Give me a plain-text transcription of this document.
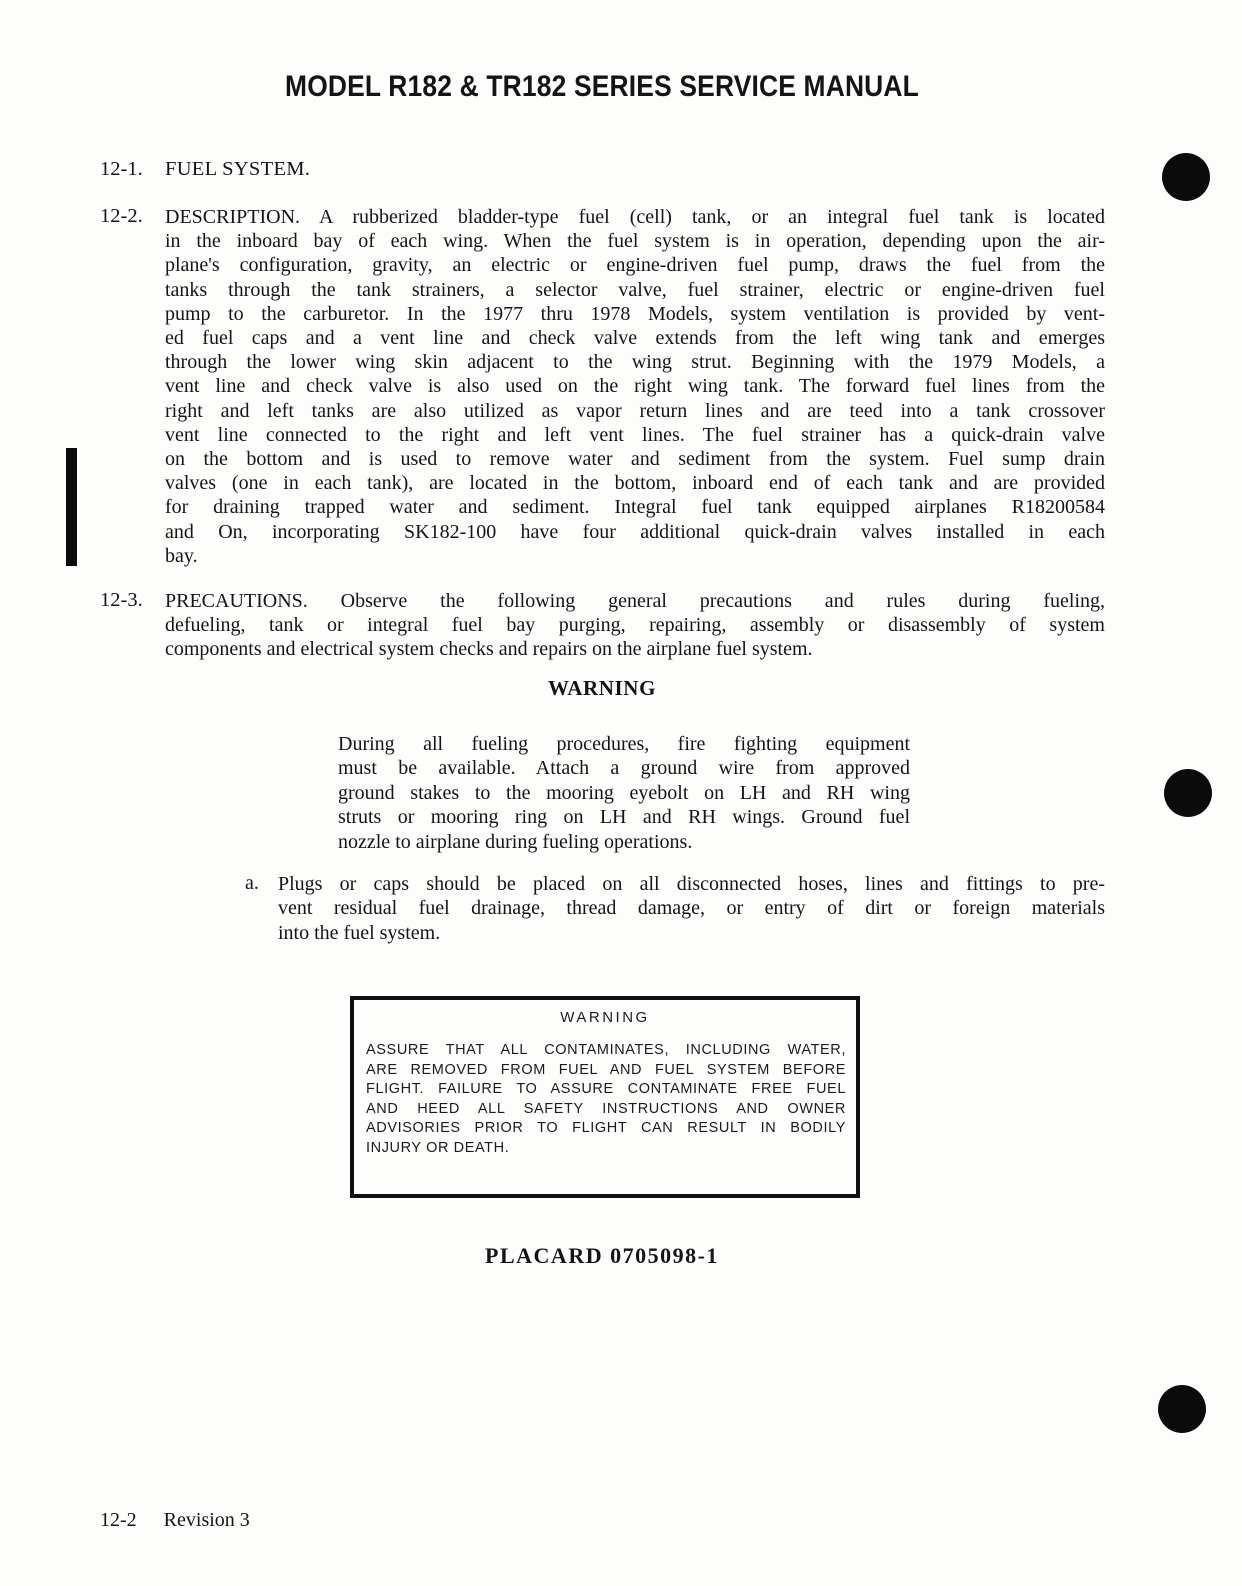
MODEL R182 & TR182 SERIES SERVICE MANUAL
12-1. FUEL SYSTEM.
12-2. DESCRIPTION. A rubberized bladder-type fuel (cell) tank, or an integral fuel tank is located
in the inboard bay of each wing. When the fuel system is in operation, depending upon the air-
plane's configuration, gravity, an electric or engine-driven fuel pump, draws the fuel from the
tanks through the tank strainers, a selector valve, fuel strainer, electric or engine-driven fuel
pump to the carburetor. In the 1977 thru 1978 Models, system ventilation is provided by vent-
ed fuel caps and a vent line and check valve extends from the left wing tank and emerges
through the lower wing skin adjacent to the wing strut. Beginning with the 1979 Models, a
vent line and check valve is also used on the right wing tank. The forward fuel lines from the
right and left tanks are also utilized as vapor return lines and are teed into a tank crossover
vent line connected to the right and left vent lines. The fuel strainer has a quick-drain valve
on the bottom and is used to remove water and sediment from the system. Fuel sump drain
valves (one in each tank), are located in the bottom, inboard end of each tank and are provided
for draining trapped water and sediment. Integral fuel tank equipped airplanes R18200584
and On, incorporating SK182-100 have four additional quick-drain valves installed in each
bay.
12-3. PRECAUTIONS. Observe the following general precautions and rules during fueling,
defueling, tank or integral fuel bay purging, repairing, assembly or disassembly of system
components and electrical system checks and repairs on the airplane fuel system.
WARNING
During all fueling procedures, fire fighting equipment
must be available. Attach a ground wire from approved
ground stakes to the mooring eyebolt on LH and RH wing
struts or mooring ring on LH and RH wings. Ground fuel
nozzle to airplane during fueling operations.
a. Plugs or caps should be placed on all disconnected hoses, lines and fittings to pre-
vent residual fuel drainage, thread damage, or entry of dirt or foreign materials
into the fuel system.
WARNING
ASSURE THAT ALL CONTAMINATES, INCLUDING WATER,
ARE REMOVED FROM FUEL AND FUEL SYSTEM BEFORE
FLIGHT. FAILURE TO ASSURE CONTAMINATE FREE FUEL
AND HEED ALL SAFETY INSTRUCTIONS AND OWNER
ADVISORIES PRIOR TO FLIGHT CAN RESULT IN BODILY
INJURY OR DEATH.
PLACARD 0705098-1
12-2 Revision 3
